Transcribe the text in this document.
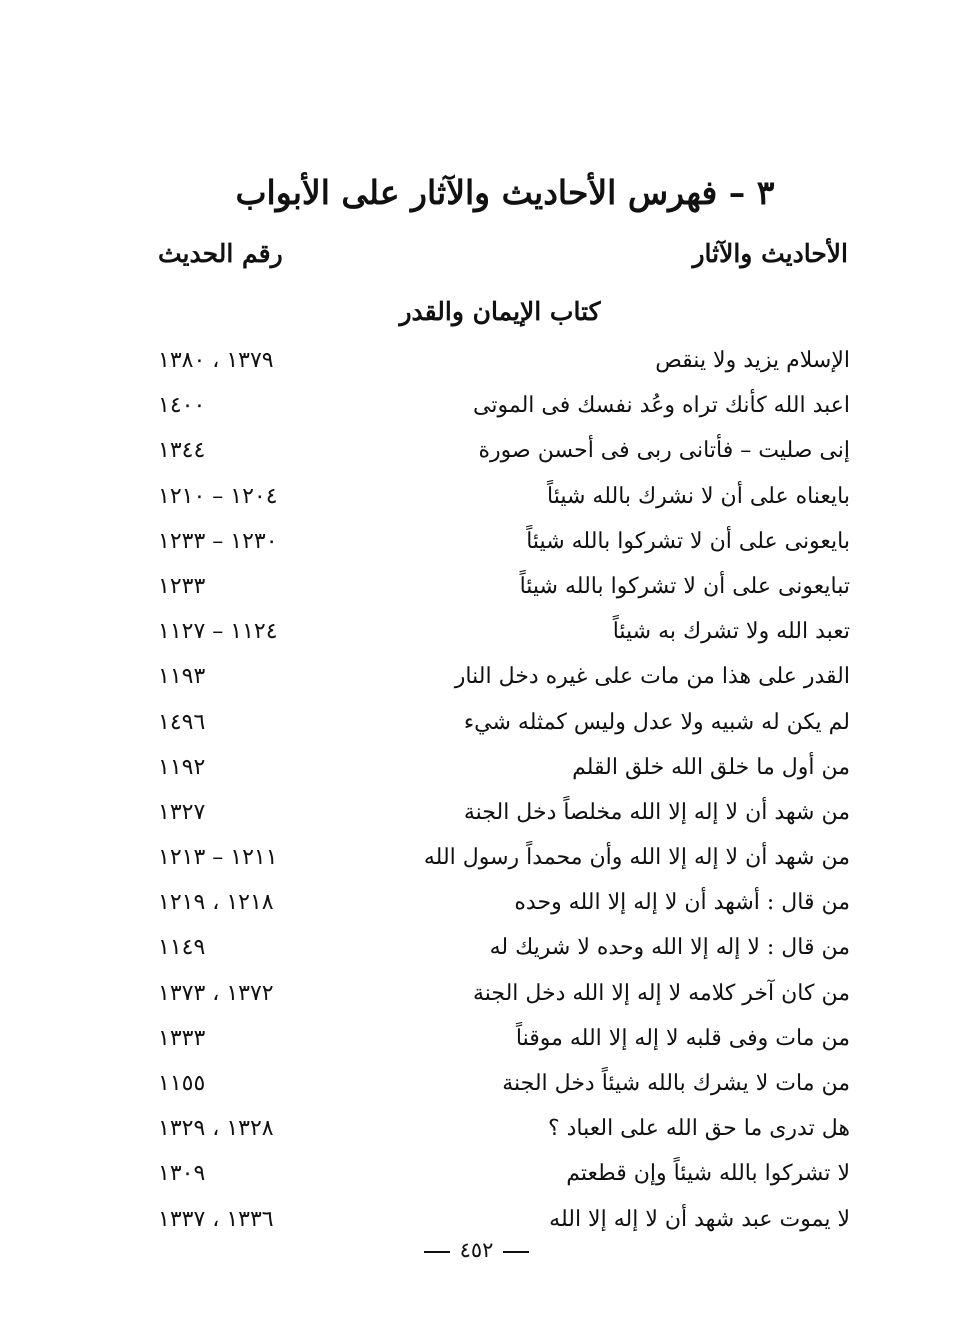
٣ – فهرس الأحاديث والآثار على الأبواب
الأحاديث والآثار
رقم الحديث
كتاب الإيمان والقدر
الإسلام يزيد ولا ينقص
١٣٧٩ ، ١٣٨٠
اعبد الله كأنك تراه وعُد نفسك فى الموتى
١٤٠٠
إنى صليت – فأتانى ربى فى أحسن صورة
١٣٤٤
بايعناه على أن لا نشرك بالله شيئاً
١٢٠٤ – ١٢١٠
بايعونى على أن لا تشركوا بالله شيئاً
١٢٣٠ – ١٢٣٣
تبايعونى على أن لا تشركوا بالله شيئاً
١٢٣٣
تعبد الله ولا تشرك به شيئاً
١١٢٤ – ١١٢٧
القدر على هذا من مات على غيره دخل النار
١١٩٣
لم يكن له شبيه ولا عدل وليس كمثله شيء
١٤٩٦
من أول ما خلق الله خلق القلم
١١٩٢
من شهد أن لا إله إلا الله مخلصاً دخل الجنة
١٣٢٧
من شهد أن لا إله إلا الله وأن محمداً رسول الله
١٢١١ – ١٢١٣
من قال : أشهد أن لا إله إلا الله وحده
١٢١٨ ، ١٢١٩
من قال : لا إله إلا الله وحده لا شريك له
١١٤٩
من كان آخر كلامه لا إله إلا الله دخل الجنة
١٣٧٢ ، ١٣٧٣
من مات وفى قلبه لا إله إلا الله موقناً
١٣٣٣
من مات لا يشرك بالله شيئاً دخل الجنة
١١٥٥
هل تدرى ما حق الله على العباد ؟
١٣٢٨ ، ١٣٢٩
لا تشركوا بالله شيئاً وإن قطعتم
١٣٠٩
لا يموت عبد شهد أن لا إله إلا الله
١٣٣٦ ، ١٣٣٧
٤٥٢
